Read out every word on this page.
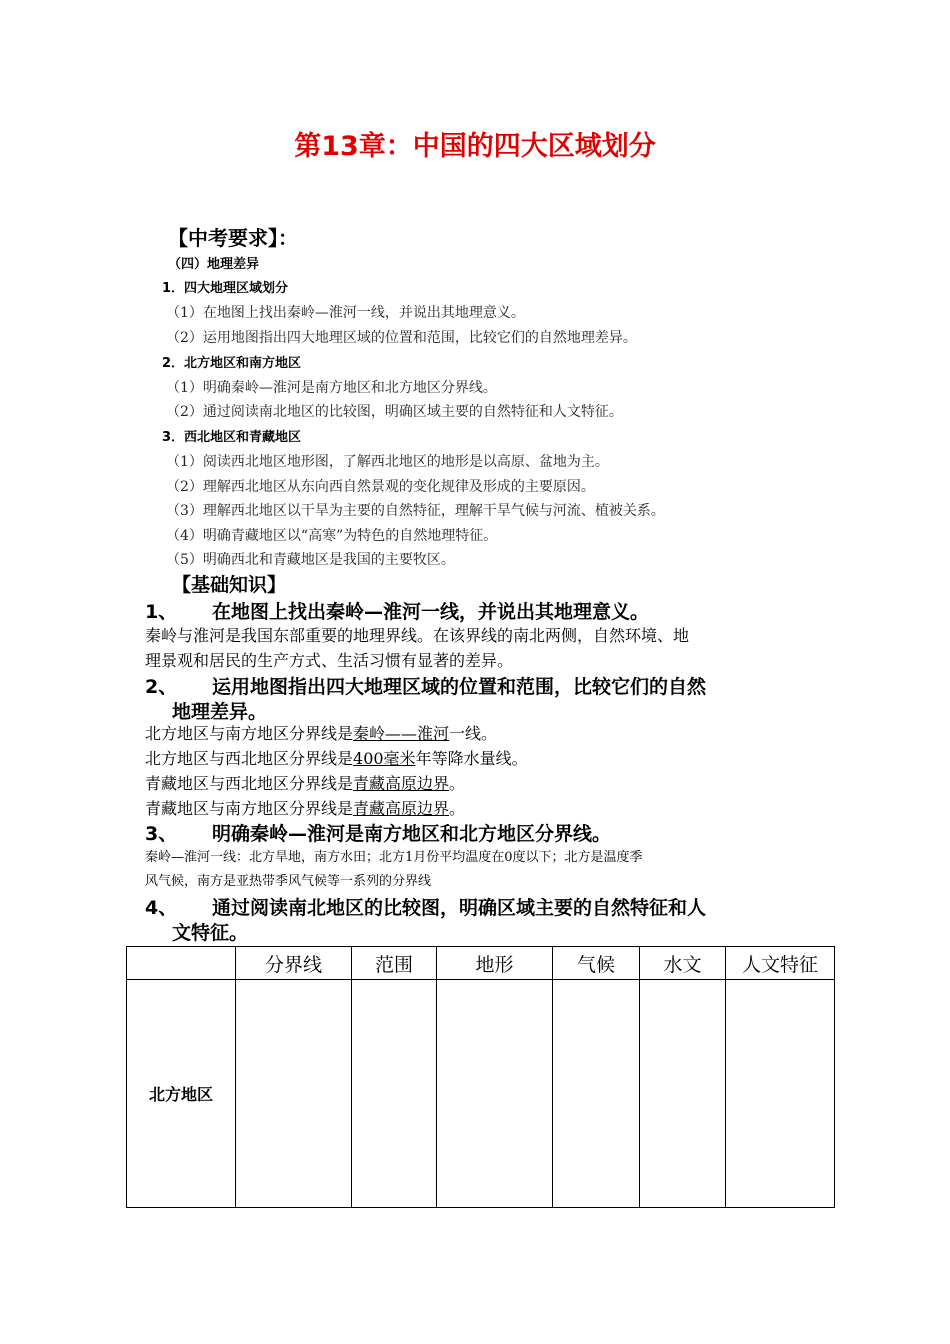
第13章：中国的四大区域划分
【中考要求】：
（四）地理差异
1．四大地理区域划分
（1）在地图上找出秦岭—淮河一线，并说出其地理意义。
（2）运用地图指出四大地理区域的位置和范围，比较它们的自然地理差异。
2．北方地区和南方地区
（1）明确秦岭—淮河是南方地区和北方地区分界线。
（2）通过阅读南北地区的比较图，明确区域主要的自然特征和人文特征。
3．西北地区和青藏地区
（1）阅读西北地区地形图，了解西北地区的地形是以高原、盆地为主。
（2）理解西北地区从东向西自然景观的变化规律及形成的主要原因。
（3）理解西北地区以干旱为主要的自然特征，理解干旱气候与河流、植被关系。
（4）明确青藏地区以“高寒”为特色的自然地理特征。
（5）明确西北和青藏地区是我国的主要牧区。
【基础知识】
1、 在地图上找出秦岭—淮河一线，并说出其地理意义。
秦岭与淮河是我国东部重要的地理界线。在该界线的南北两侧，自然环境、地
理景观和居民的生产方式、生活习惯有显著的差异。
2、 运用地图指出四大地理区域的位置和范围，比较它们的自然
地理差异。
北方地区与南方地区分界线是秦岭——淮河一线。
北方地区与西北地区分界线是400毫米年等降水量线。
青藏地区与西北地区分界线是青藏高原边界。
青藏地区与南方地区分界线是青藏高原边界。
3、 明确秦岭—淮河是南方地区和北方地区分界线。
秦岭—淮河一线：北方旱地，南方水田；北方1月份平均温度在0度以下；北方是温度季
风气候，南方是亚热带季风气候等一系列的分界线
4、 通过阅读南北地区的比较图，明确区域主要的自然特征和人
文特征。
	分界线	范围	地形	气候	水文	人文特征
北方地区						
